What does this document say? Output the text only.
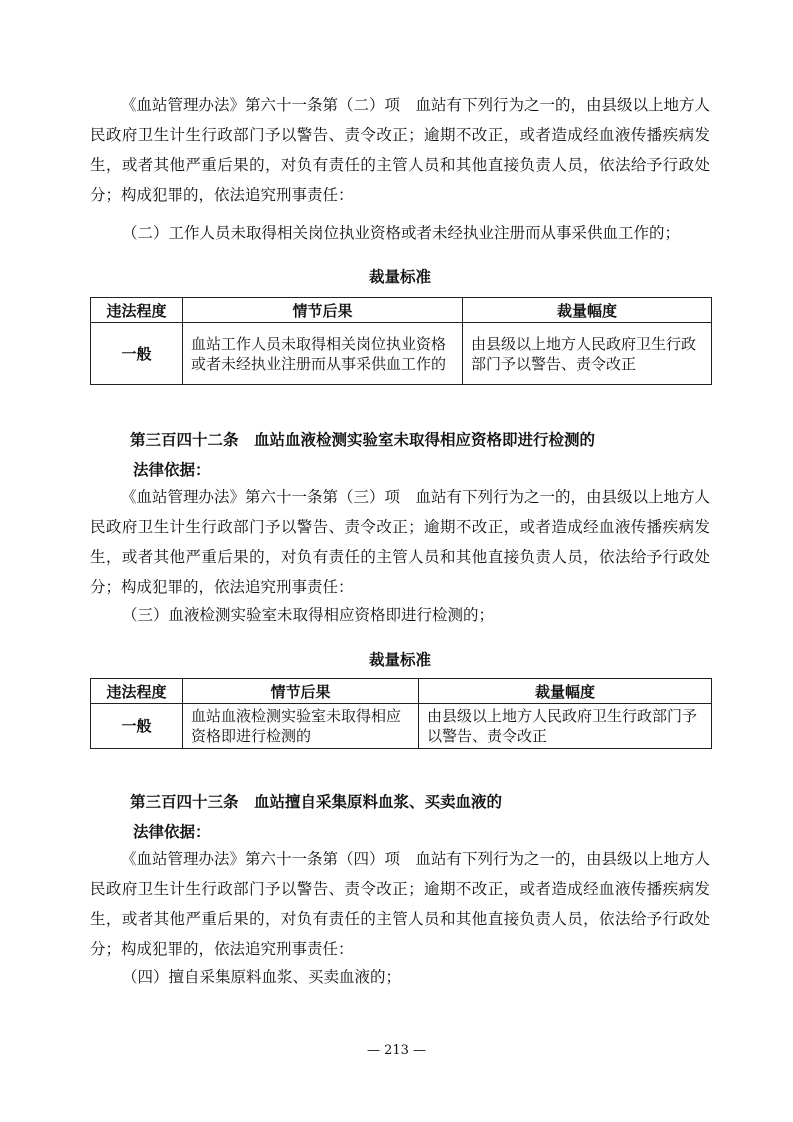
《血站管理办法》第六十一条第（二）项　血站有下列行为之一的，由县级以上地方人民政府卫生计生行政部门予以警告、责令改正；逾期不改正，或者造成经血液传播疾病发生，或者其他严重后果的，对负有责任的主管人员和其他直接负责人员，依法给予行政处分；构成犯罪的，依法追究刑事责任：

（二）工作人员未取得相关岗位执业资格或者未经执业注册而从事采供血工作的；

裁量标准

违法程度	情节后果	裁量幅度
一般	血站工作人员未取得相关岗位执业资格或者未经执业注册而从事采供血工作的	由县级以上地方人民政府卫生行政部门予以警告、责令改正

第三百四十二条　血站血液检测实验室未取得相应资格即进行检测的

法律依据：

《血站管理办法》第六十一条第（三）项　血站有下列行为之一的，由县级以上地方人民政府卫生计生行政部门予以警告、责令改正；逾期不改正，或者造成经血液传播疾病发生，或者其他严重后果的，对负有责任的主管人员和其他直接负责人员，依法给予行政处分；构成犯罪的，依法追究刑事责任：

（三）血液检测实验室未取得相应资格即进行检测的；

裁量标准

违法程度	情节后果	裁量幅度
一般	血站血液检测实验室未取得相应资格即进行检测的	由县级以上地方人民政府卫生行政部门予以警告、责令改正

第三百四十三条　血站擅自采集原料血浆、买卖血液的

法律依据：

《血站管理办法》第六十一条第（四）项　血站有下列行为之一的，由县级以上地方人民政府卫生计生行政部门予以警告、责令改正；逾期不改正，或者造成经血液传播疾病发生，或者其他严重后果的，对负有责任的主管人员和其他直接负责人员，依法给予行政处分；构成犯罪的，依法追究刑事责任：

（四）擅自采集原料血浆、买卖血液的；

— 213 —
